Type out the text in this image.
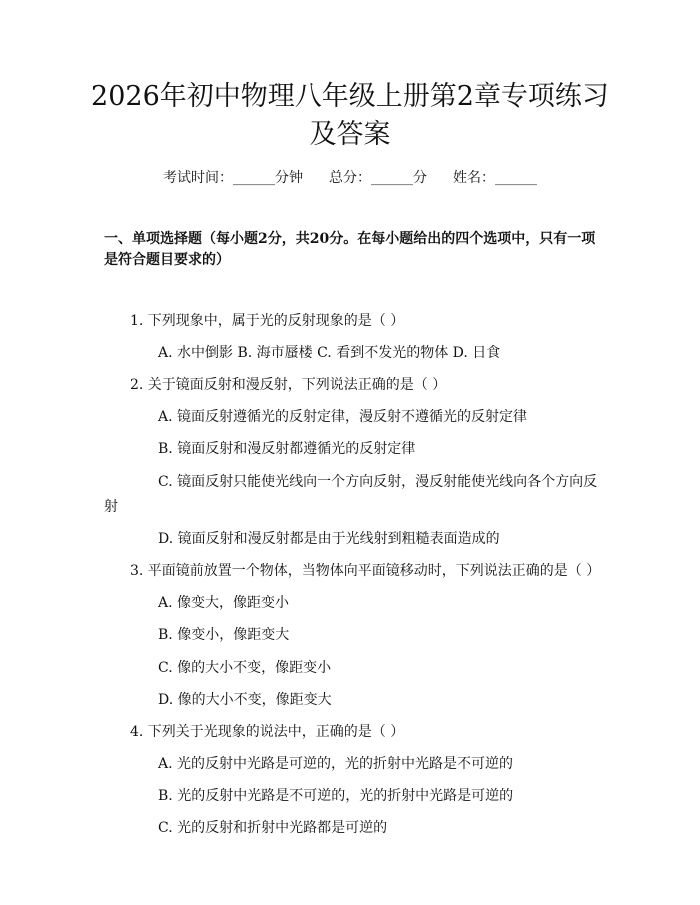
2026年初中物理八年级上册第2章专项练习及答案
考试时间：______分钟 总分：______分 姓名：______

一、单项选择题（每小题2分，共20分。在每小题给出的四个选项中，只有一项是符合题目要求的）

1. 下列现象中，属于光的反射现象的是（ ）

A. 水中倒影 B. 海市蜃楼 C. 看到不发光的物体 D. 日食

2. 关于镜面反射和漫反射，下列说法正确的是（ ）

A. 镜面反射遵循光的反射定律，漫反射不遵循光的反射定律

B. 镜面反射和漫反射都遵循光的反射定律

C. 镜面反射只能使光线向一个方向反射，漫反射能使光线向各个方向反

射

D. 镜面反射和漫反射都是由于光线射到粗糙表面造成的

3. 平面镜前放置一个物体，当物体向平面镜移动时，下列说法正确的是（ ）

A. 像变大，像距变小

B. 像变小，像距变大

C. 像的大小不变，像距变小

D. 像的大小不变，像距变大

4. 下列关于光现象的说法中，正确的是（ ）

A. 光的反射中光路是可逆的，光的折射中光路是不可逆的

B. 光的反射中光路是不可逆的，光的折射中光路是可逆的

C. 光的反射和折射中光路都是可逆的
